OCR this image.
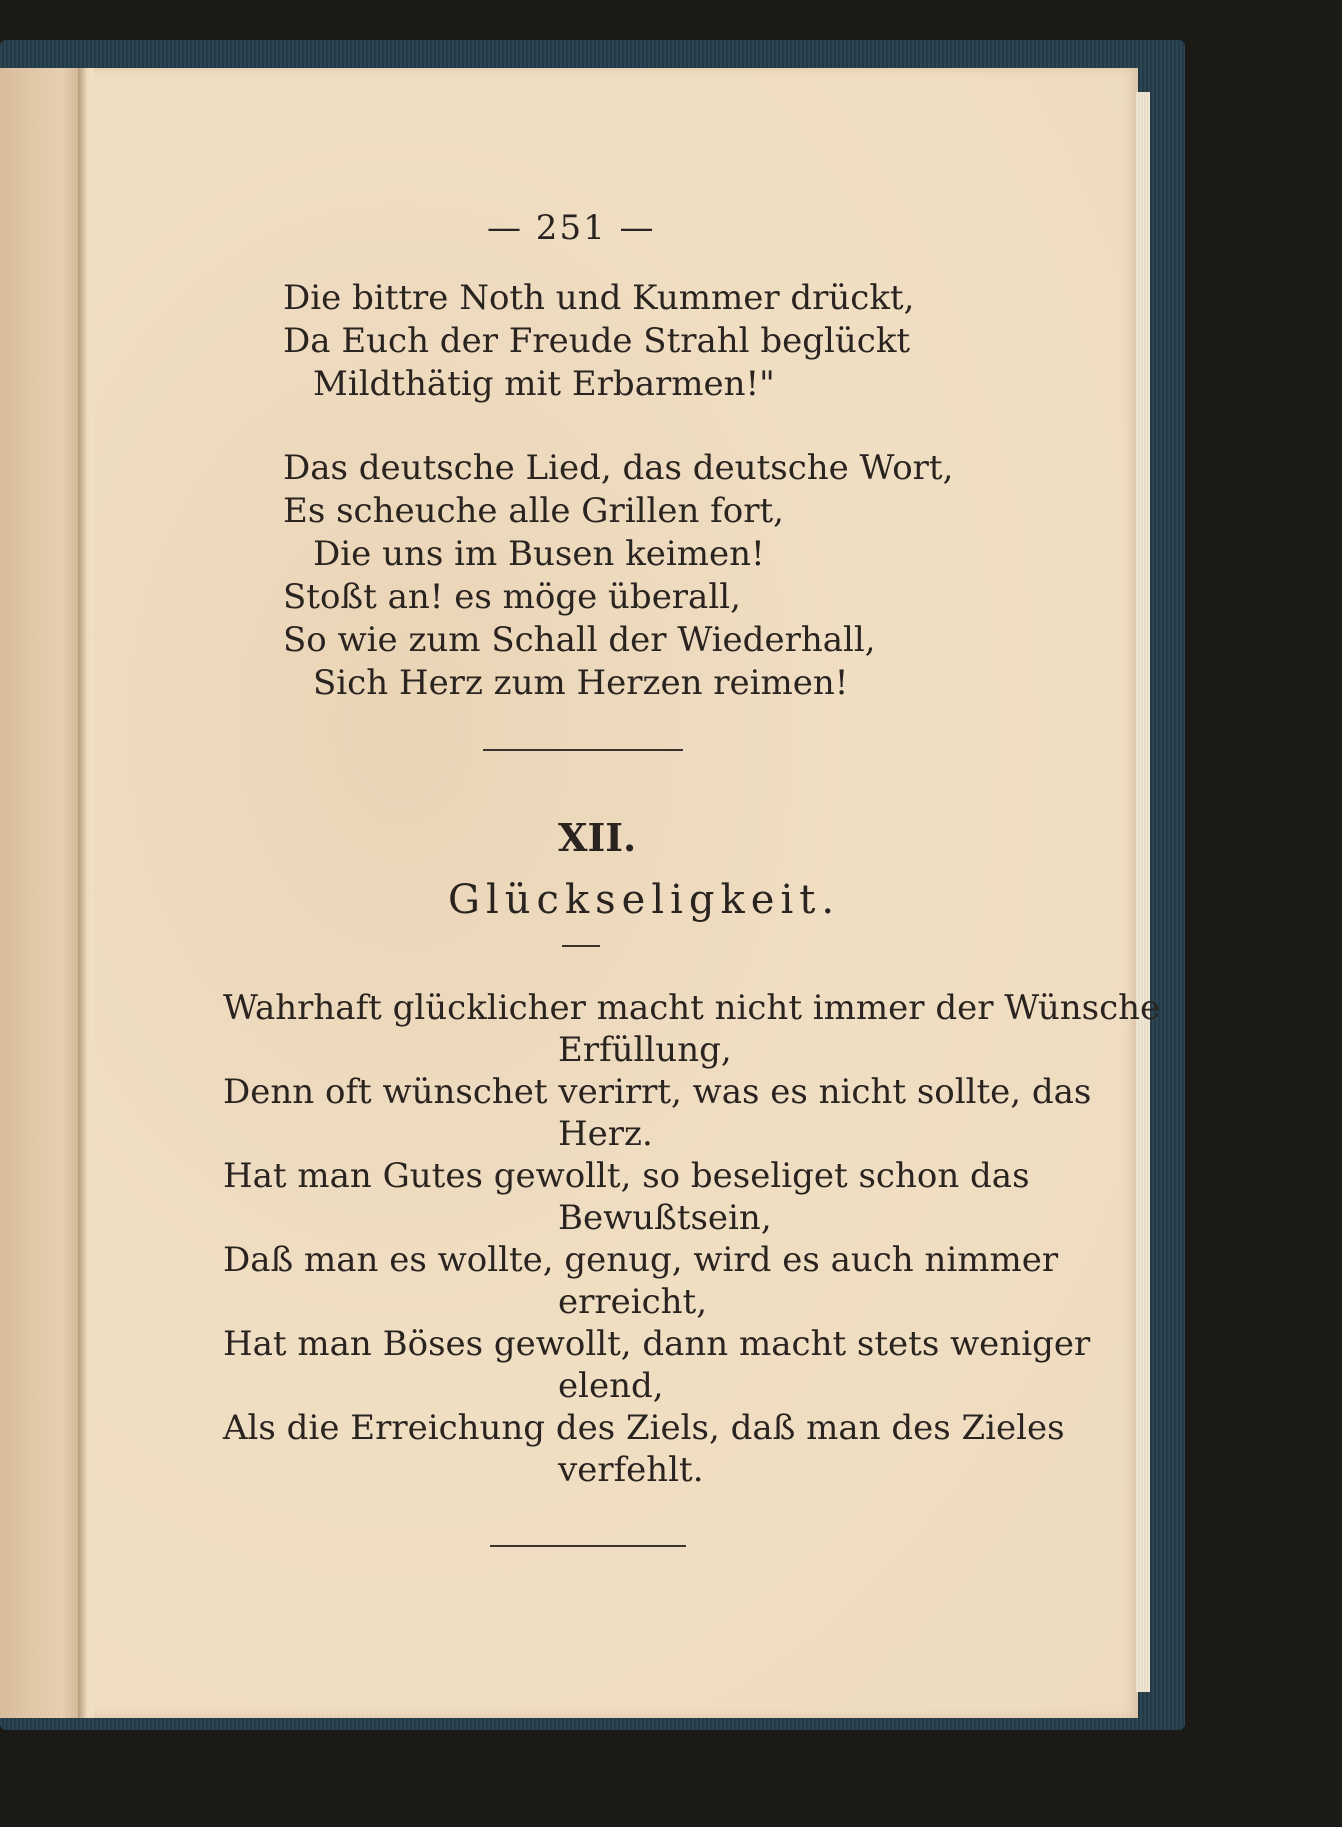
— 251 —
Die bittre Noth und Kummer drückt,
Da Euch der Freude Strahl beglückt
Mildthätig mit Erbarmen!"
Das deutsche Lied, das deutsche Wort,
Es scheuche alle Grillen fort,
Die uns im Busen keimen!
Stoßt an! es möge überall,
So wie zum Schall der Wiederhall,
Sich Herz zum Herzen reimen!
XII.
Glückseligkeit.
Wahrhaft glücklicher macht nicht immer der Wünsche
Erfüllung,
Denn oft wünschet verirrt, was es nicht sollte, das
Herz.
Hat man Gutes gewollt, so beseliget schon das
Bewußtsein,
Daß man es wollte, genug, wird es auch nimmer
erreicht,
Hat man Böses gewollt, dann macht stets weniger
elend,
Als die Erreichung des Ziels, daß man des Zieles
verfehlt.
